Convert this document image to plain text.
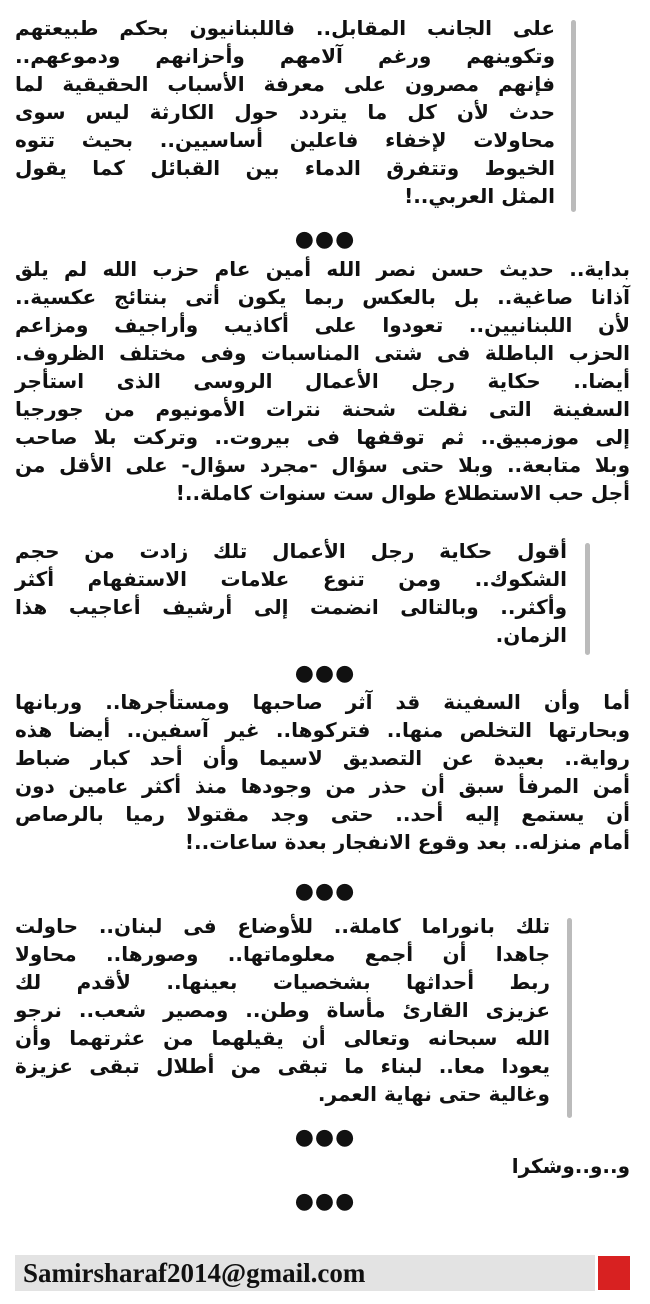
على الجانب المقابل.. فاللبنانيون بحكم طبيعتهم
وتكوينهم ورغم آلامهم وأحزانهم ودموعهم..
فإنهم مصرون على معرفة الأسباب الحقيقية لما
حدث لأن كل ما يتردد حول الكارثة ليس سوى
محاولات لإخفاء فاعلين أساسيين.. بحيث تتوه
الخيوط وتتفرق الدماء بين القبائل كما يقول
المثل العربي..!
●●●
بداية.. حديث حسن نصر الله أمين عام حزب الله لم يلق
آذانا صاغية.. بل بالعكس ربما يكون أتى بنتائج عكسية..
لأن اللبنانيين.. تعودوا على أكاذيب وأراجيف ومزاعم
الحزب الباطلة فى شتى المناسبات وفى مختلف الظروف.
أيضا.. حكاية رجل الأعمال الروسى الذى استأجر
السفينة التى نقلت شحنة نترات الأمونيوم من جورجيا
إلى موزمبيق.. ثم توقفها فى بيروت.. وتركت بلا صاحب
وبلا متابعة.. وبلا حتى سؤال -مجرد سؤال- على الأقل من
أجل حب الاستطلاع طوال ست سنوات كاملة..!
أقول حكاية رجل الأعمال تلك زادت من حجم
الشكوك.. ومن تنوع علامات الاستفهام أكثر
وأكثر.. وبالتالى انضمت إلى أرشيف أعاجيب هذا
الزمان.
●●●
أما وأن السفينة قد آثر صاحبها ومستأجرها.. وربانها
وبحارتها التخلص منها.. فتركوها.. غير آسفين.. أيضا هذه
رواية.. بعيدة عن التصديق لاسيما وأن أحد كبار ضباط
أمن المرفأ سبق أن حذر من وجودها منذ أكثر عامين دون
أن يستمع إليه أحد.. حتى وجد مقتولا رميا بالرصاص
أمام منزله.. بعد وقوع الانفجار بعدة ساعات..!
●●●
تلك بانوراما كاملة.. للأوضاع فى لبنان.. حاولت
جاهدا أن أجمع معلوماتها.. وصورها.. محاولا
ربط أحداثها بشخصيات بعينها.. لأقدم لك
عزيزى القارئ مأساة وطن.. ومصير شعب.. نرجو
الله سبحانه وتعالى أن يقيلهما من عثرتهما وأن
يعودا معا.. لبناء ما تبقى من أطلال تبقى عزيزة
وغالية حتى نهاية العمر.
●●●
و..و..وشكرا
●●●
Samirsharaf2014@gmail.com
